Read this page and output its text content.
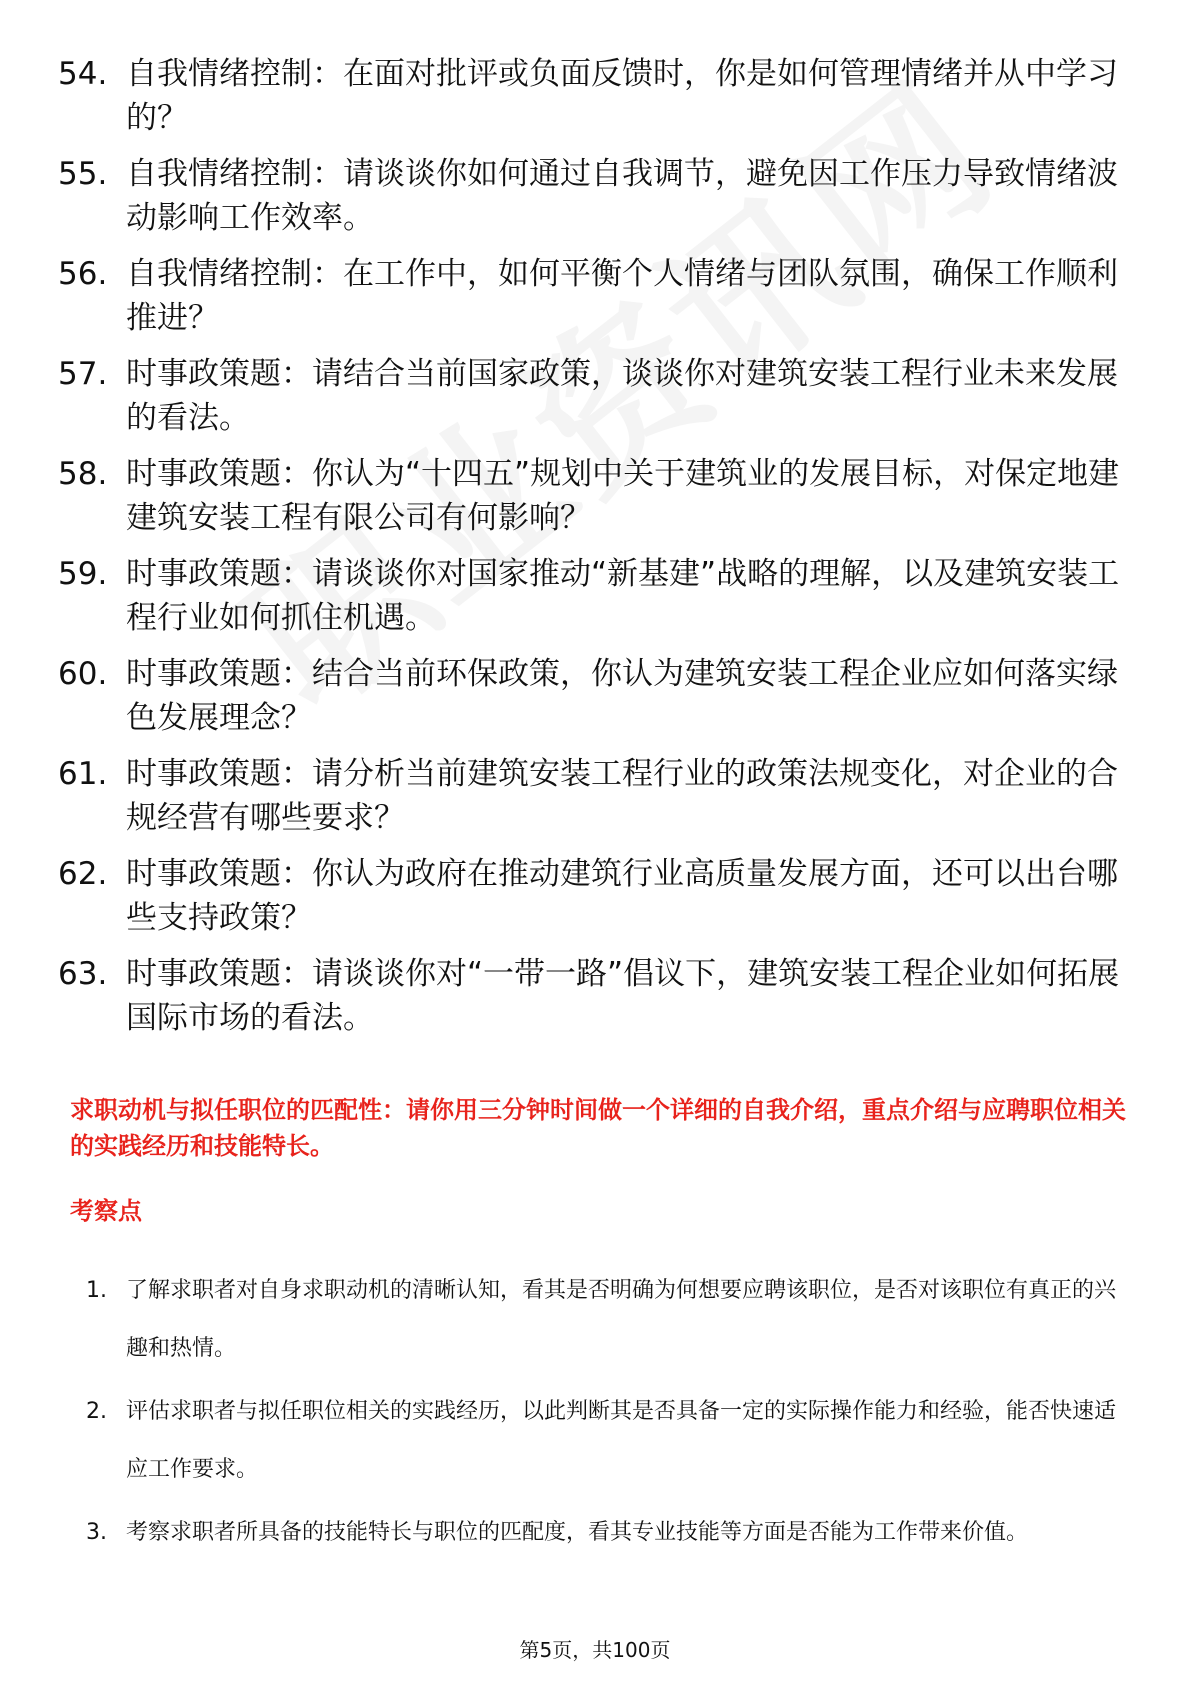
54. 自我情绪控制：在面对批评或负面反馈时，你是如何管理情绪并从中学习的？
55. 自我情绪控制：请谈谈你如何通过自我调节，避免因工作压力导致情绪波动影响工作效率。
56. 自我情绪控制：在工作中，如何平衡个人情绪与团队氛围，确保工作顺利推进？
57. 时事政策题：请结合当前国家政策，谈谈你对建筑安装工程行业未来发展的看法。
58. 时事政策题：你认为“十四五”规划中关于建筑业的发展目标，对保定地建建筑安装工程有限公司有何影响？
59. 时事政策题：请谈谈你对国家推动“新基建”战略的理解，以及建筑安装工程行业如何抓住机遇。
60. 时事政策题：结合当前环保政策，你认为建筑安装工程企业应如何落实绿色发展理念？
61. 时事政策题：请分析当前建筑安装工程行业的政策法规变化，对企业的合规经营有哪些要求？
62. 时事政策题：你认为政府在推动建筑行业高质量发展方面，还可以出台哪些支持政策？
63. 时事政策题：请谈谈你对“一带一路”倡议下，建筑安装工程企业如何拓展国际市场的看法。
求职动机与拟任职位的匹配性：请你用三分钟时间做一个详细的自我介绍，重点介绍与应聘职位相关的实践经历和技能特长。
考察点
1. 了解求职者对自身求职动机的清晰认知，看其是否明确为何想要应聘该职位，是否对该职位有真正的兴趣和热情。
2. 评估求职者与拟任职位相关的实践经历，以此判断其是否具备一定的实际操作能力和经验，能否快速适应工作要求。
3. 考察求职者所具备的技能特长与职位的匹配度，看其专业技能等方面是否能为工作带来价值。
第5页，共100页
